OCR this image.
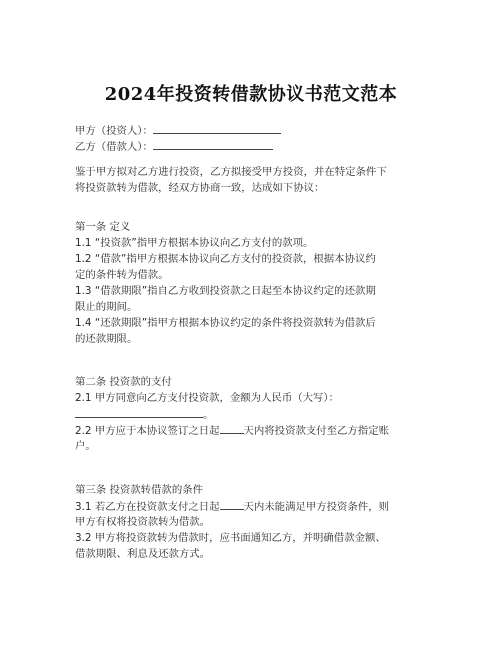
2024年投资转借款协议书范文范本
甲方（投资人）：
乙方（借款人）：
鉴于甲方拟对乙方进行投资，乙方拟接受甲方投资，并在特定条件下
将投资款转为借款，经双方协商一致，达成如下协议：
第一条 定义
1.1 “投资款”指甲方根据本协议向乙方支付的款项。
1.2 “借款”指甲方根据本协议向乙方支付的投资款，根据本协议约
定的条件转为借款。
1.3 “借款期限”指自乙方收到投资款之日起至本协议约定的还款期
限止的期间。
1.4 “还款期限”指甲方根据本协议约定的条件将投资款转为借款后
的还款期限。
第二条 投资款的支付
2.1 甲方同意向乙方支付投资款，金额为人民币（大写）：
。
2.2 甲方应于本协议签订之日起 天内将投资款支付至乙方指定账
户。
第三条 投资款转借款的条件
3.1 若乙方在投资款支付之日起 天内未能满足甲方投资条件，则
甲方有权将投资款转为借款。
3.2 甲方将投资款转为借款时，应书面通知乙方，并明确借款金额、
借款期限、利息及还款方式。
